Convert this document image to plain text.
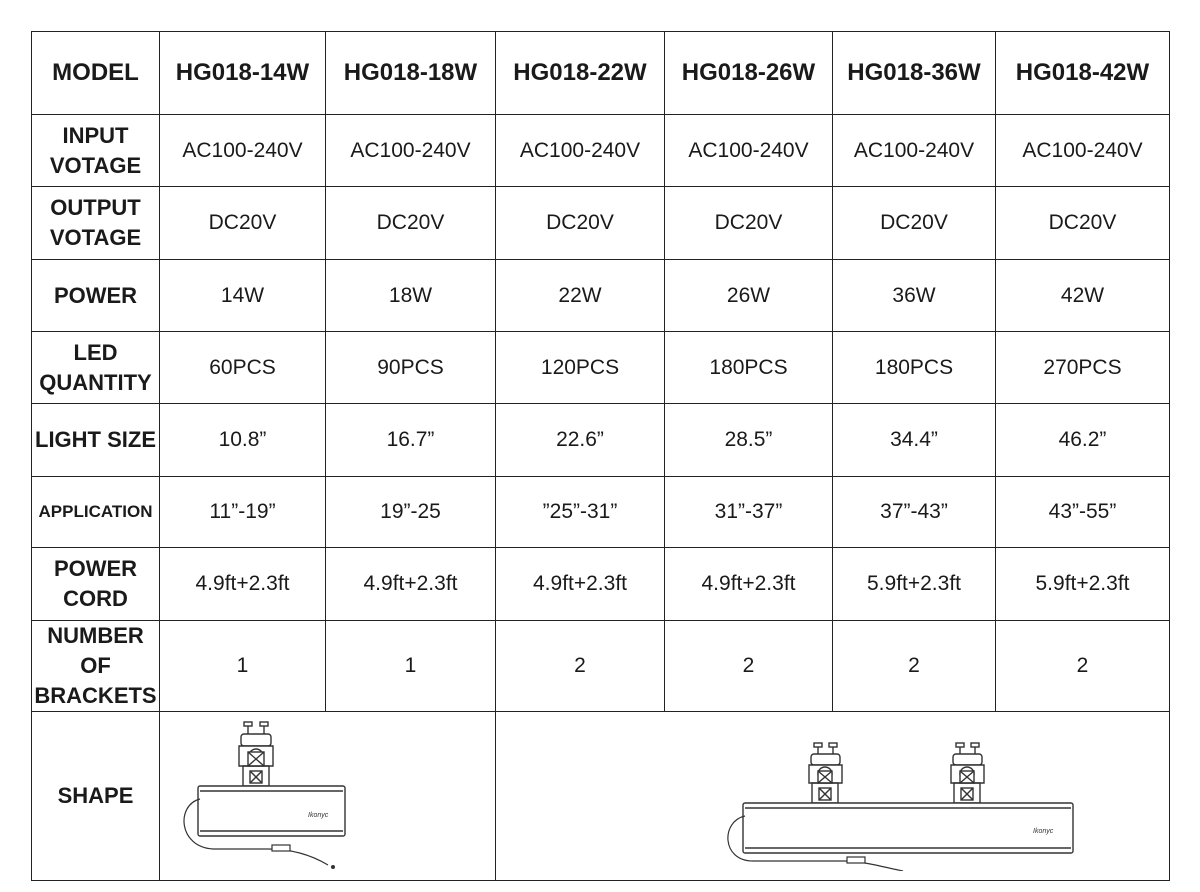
MODEL	HG018-14W	HG018-18W	HG018-22W	HG018-26W	HG018-36W	HG018-42W

INPUT
VOTAGE	AC100-240V	AC100-240V	AC100-240V	AC100-240V	AC100-240V	AC100-240V

OUTPUT
VOTAGE	DC20V	DC20V	DC20V	DC20V	DC20V	DC20V

POWER	14W	18W	22W	26W	36W	42W

LED
QUANTITY	60PCS	90PCS	120PCS	180PCS	180PCS	270PCS

LIGHT SIZE	10.8”	16.7”	22.6”	28.5”	34.4”	46.2”

APPLICATION	11”-19”	19”-25	”25”-31”	31”-37”	37”-43”	43”-55”

POWER
CORD	4.9ft+2.3ft	4.9ft+2.3ft	4.9ft+2.3ft	4.9ft+2.3ft	5.9ft+2.3ft	5.9ft+2.3ft

NUMBER OF
BRACKETS	1	1	2	2	2	2
SHAPE	Ikonyc		Ikonyc			
